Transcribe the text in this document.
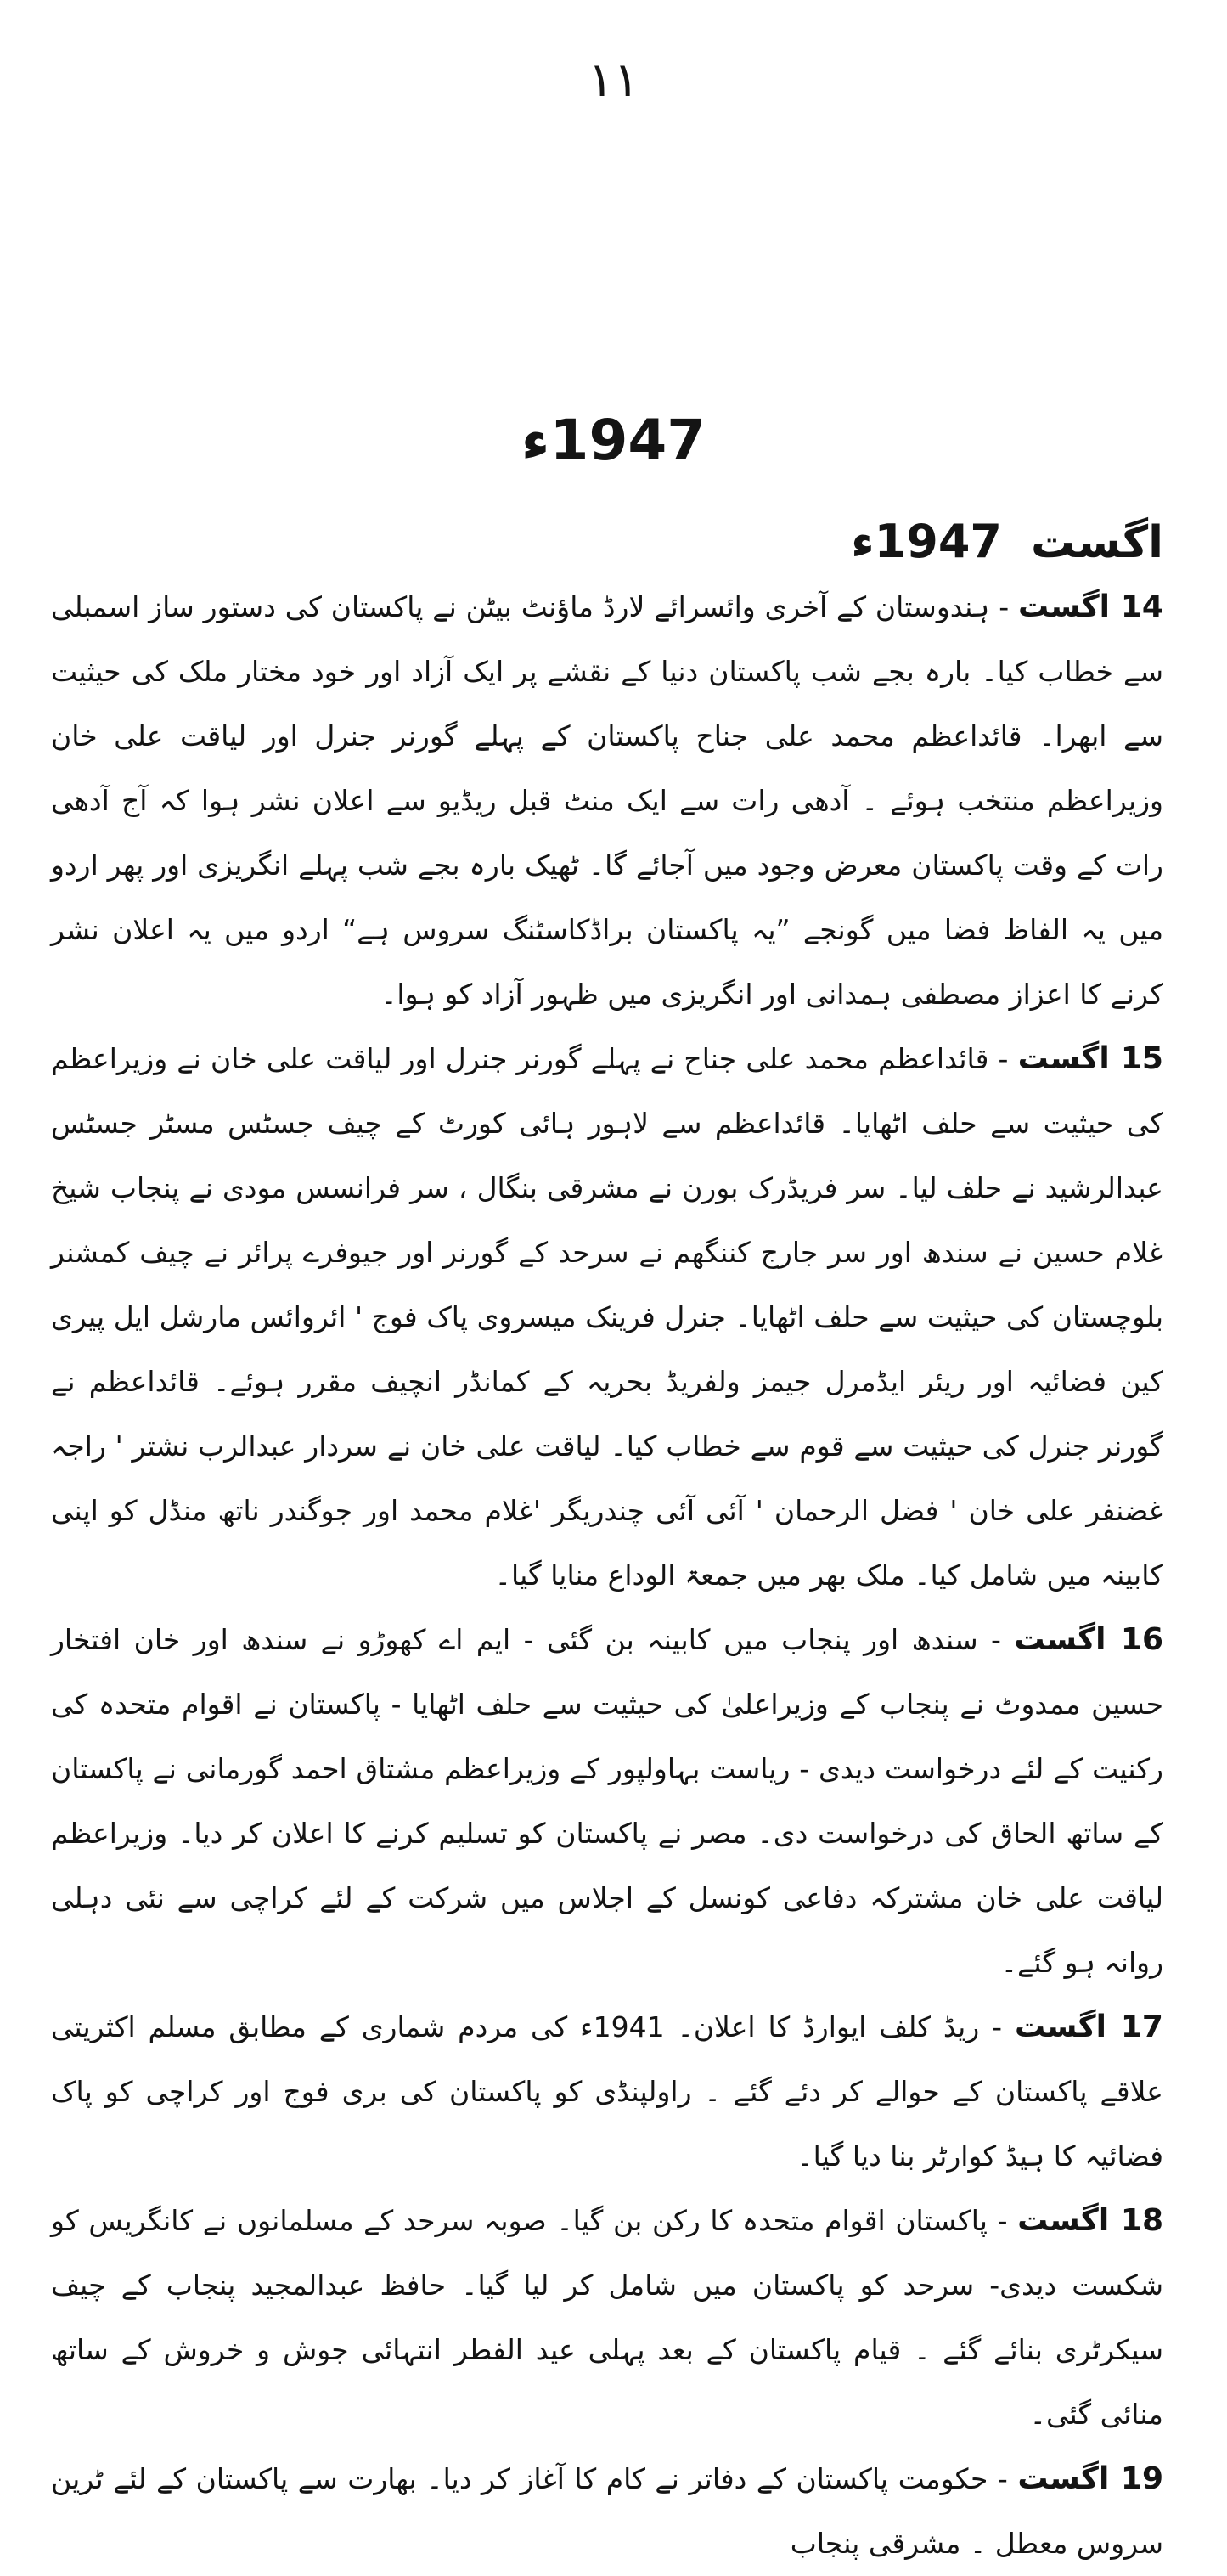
۱۱
1947ء
اگست
1947ء
14 اگست - ہندوستان کے آخری وائسرائے لارڈ ماؤنٹ بیٹن نے پاکستان کی دستور ساز اسمبلی سے خطاب کیا۔ بارہ بجے شب پاکستان دنیا کے نقشے پر ایک آزاد اور خود مختار ملک کی حیثیت سے ابھرا۔ قائداعظم محمد علی جناح پاکستان کے پہلے گورنر جنرل اور لیاقت علی خان وزیراعظم منتخب ہوئے ۔ آدھی رات سے ایک منٹ قبل ریڈیو سے اعلان نشر ہوا کہ آج آدھی رات کے وقت پاکستان معرض وجود میں آجائے گا۔ ٹھیک بارہ بجے شب پہلے انگریزی اور پھر اردو میں یہ الفاظ فضا میں گونجے ”یہ پاکستان براڈکاسٹنگ سروس ہے“ اردو میں یہ اعلان نشر کرنے کا اعزاز مصطفی ہمدانی اور انگریزی میں ظہور آزاد کو ہوا۔
15 اگست - قائداعظم محمد علی جناح نے پہلے گورنر جنرل اور لیاقت علی خان نے وزیراعظم کی حیثیت سے حلف اٹھایا۔ قائداعظم سے لاہور ہائی کورٹ کے چیف جسٹس مسٹر جسٹس عبدالرشید نے حلف لیا۔ سر فریڈرک بورن نے مشرقی بنگال ، سر فرانسس مودی نے پنجاب شیخ غلام حسین نے سندھ اور سر جارج کننگھم نے سرحد کے گورنر اور جیوفرے پرائر نے چیف کمشنر بلوچستان کی حیثیت سے حلف اٹھایا۔ جنرل فرینک میسروی پاک فوج ' ائروائس مارشل ایل پیری کین فضائیہ اور ریئر ایڈمرل جیمز ولفریڈ بحریہ کے کمانڈر انچیف مقرر ہوئے۔ قائداعظم نے گورنر جنرل کی حیثیت سے قوم سے خطاب کیا۔ لیاقت علی خان نے سردار عبدالرب نشتر ' راجہ غضنفر علی خان ' فضل الرحمان ' آئی آئی چندریگر 'غلام محمد اور جوگندر ناتھ منڈل کو اپنی کابینہ میں شامل کیا۔ ملک بھر میں جمعۃ الوداع منایا گیا۔
16 اگست - سندھ اور پنجاب میں کابینہ بن گئی - ایم اے کھوڑو نے سندھ اور خان افتخار حسین ممدوٹ نے پنجاب کے وزیراعلیٰ کی حیثیت سے حلف اٹھایا - پاکستان نے اقوام متحدہ کی رکنیت کے لئے درخواست دیدی - ریاست بہاولپور کے وزیراعظم مشتاق احمد گورمانی نے پاکستان کے ساتھ الحاق کی درخواست دی۔ مصر نے پاکستان کو تسلیم کرنے کا اعلان کر دیا۔ وزیراعظم لیاقت علی خان مشترکہ دفاعی کونسل کے اجلاس میں شرکت کے لئے کراچی سے نئی دہلی روانہ ہو گئے۔
17 اگست - ریڈ کلف ایوارڈ کا اعلان۔ 1941ء کی مردم شماری کے مطابق مسلم اکثریتی علاقے پاکستان کے حوالے کر دئے گئے ۔ راولپنڈی کو پاکستان کی بری فوج اور کراچی کو پاک فضائیہ کا ہیڈ کوارٹر بنا دیا گیا۔
18 اگست - پاکستان اقوام متحدہ کا رکن بن گیا۔ صوبہ سرحد کے مسلمانوں نے کانگریس کو شکست دیدی- سرحد کو پاکستان میں شامل کر لیا گیا۔ حافظ عبدالمجید پنجاب کے چیف سیکرٹری بنائے گئے ۔ قیام پاکستان کے بعد پہلی عید الفطر انتہائی جوش و خروش کے ساتھ منائی گئی۔
19 اگست - حکومت پاکستان کے دفاتر نے کام کا آغاز کر دیا۔ بھارت سے پاکستان کے لئے ٹرین سروس معطل ۔ مشرقی پنجاب
